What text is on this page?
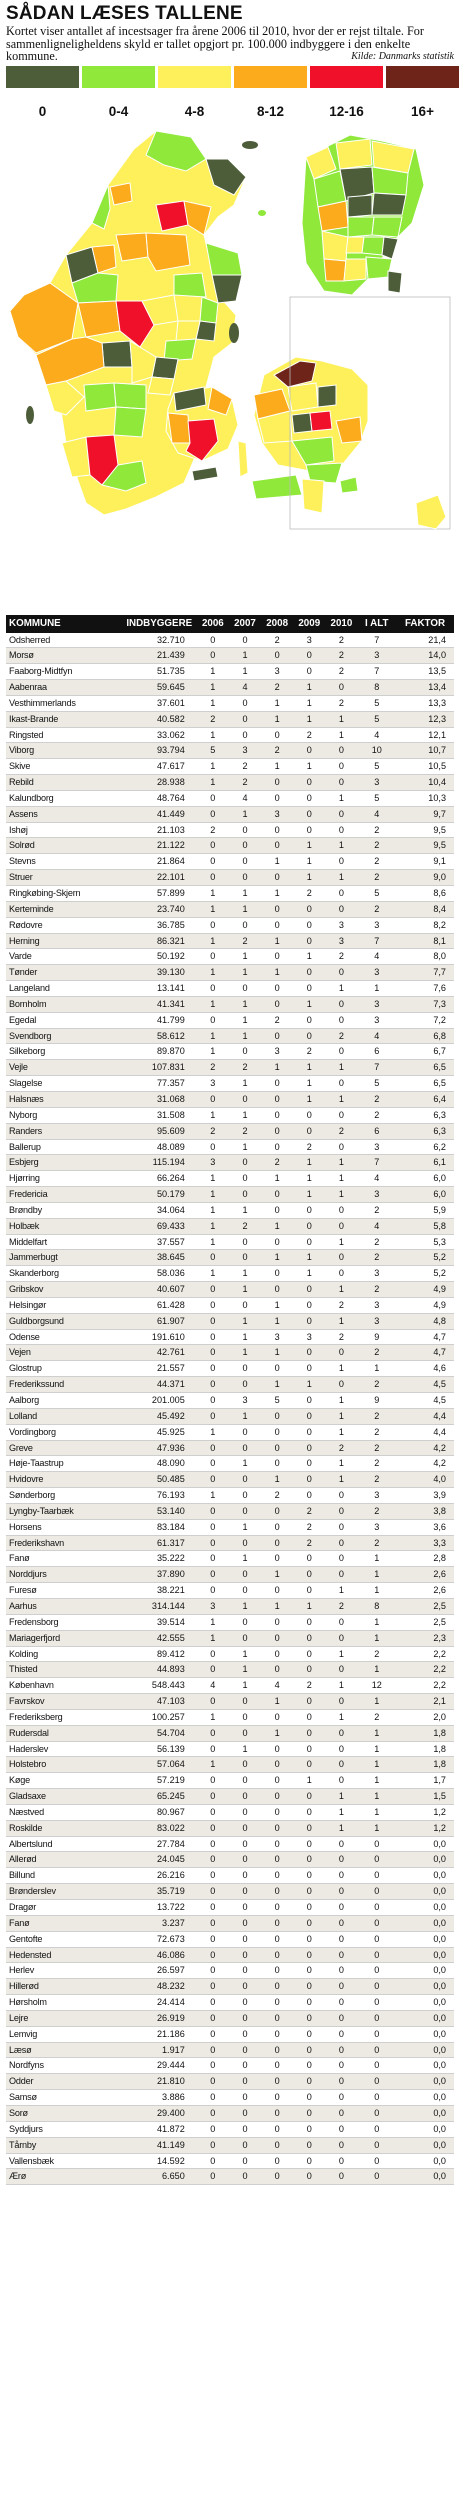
SÅDAN LÆSES TALLENE
Kortet viser antallet af incestsager fra årene 2006 til 2010, hvor der er rejst tiltale. For sammenligneligheldens skyld er tallet opgjort pr. 100.000 indbyggere i den enkelte kommune.	Kilde: Danmarks statistik
0	0-4	4-8	8-12	12-16	16+
KOMMUNE	INDBYGGERE	2006	2007	2008	2009	2010	I ALT	FAKTOR
Odsherred	32.710	0	0	2	3	2	7	21,4
Morsø	21.439	0	1	0	0	2	3	14,0
Faaborg-Midtfyn	51.735	1	1	3	0	2	7	13,5
Aabenraa	59.645	1	4	2	1	0	8	13,4
Vesthimmerlands	37.601	1	0	1	1	2	5	13,3
Ikast-Brande	40.582	2	0	1	1	1	5	12,3
Ringsted	33.062	1	0	0	2	1	4	12,1
Viborg	93.794	5	3	2	0	0	10	10,7
Skive	47.617	1	2	1	1	0	5	10,5
Rebild	28.938	1	2	0	0	0	3	10,4
Kalundborg	48.764	0	4	0	0	1	5	10,3
Assens	41.449	0	1	3	0	0	4	9,7
Ishøj	21.103	2	0	0	0	0	2	9,5
Solrød	21.122	0	0	0	1	1	2	9,5
Stevns	21.864	0	0	1	1	0	2	9,1
Struer	22.101	0	0	0	1	1	2	9,0
Ringkøbing-Skjern	57.899	1	1	1	2	0	5	8,6
Kerteminde	23.740	1	1	0	0	0	2	8,4
Rødovre	36.785	0	0	0	0	3	3	8,2
Herning	86.321	1	2	1	0	3	7	8,1
Varde	50.192	0	1	0	1	2	4	8,0
Tønder	39.130	1	1	1	0	0	3	7,7
Langeland	13.141	0	0	0	0	1	1	7,6
Bornholm	41.341	1	1	0	1	0	3	7,3
Egedal	41.799	0	1	2	0	0	3	7,2
Svendborg	58.612	1	1	0	0	2	4	6,8
Silkeborg	89.870	1	0	3	2	0	6	6,7
Vejle	107.831	2	2	1	1	1	7	6,5
Slagelse	77.357	3	1	0	1	0	5	6,5
Halsnæs	31.068	0	0	0	1	1	2	6,4
Nyborg	31.508	1	1	0	0	0	2	6,3
Randers	95.609	2	2	0	0	2	6	6,3
Ballerup	48.089	0	1	0	2	0	3	6,2
Esbjerg	115.194	3	0	2	1	1	7	6,1
Hjørring	66.264	1	0	1	1	1	4	6,0
Fredericia	50.179	1	0	0	1	1	3	6,0
Brøndby	34.064	1	1	0	0	0	2	5,9
Holbæk	69.433	1	2	1	0	0	4	5,8
Middelfart	37.557	1	0	0	0	1	2	5,3
Jammerbugt	38.645	0	0	1	1	0	2	5,2
Skanderborg	58.036	1	1	0	1	0	3	5,2
Gribskov	40.607	0	1	0	0	1	2	4,9
Helsingør	61.428	0	0	1	0	2	3	4,9
Guldborgsund	61.907	0	1	1	0	1	3	4,8
Odense	191.610	0	1	3	3	2	9	4,7
Vejen	42.761	0	1	1	0	0	2	4,7
Glostrup	21.557	0	0	0	0	1	1	4,6
Frederikssund	44.371	0	0	1	1	0	2	4,5
Aalborg	201.005	0	3	5	0	1	9	4,5
Lolland	45.492	0	1	0	0	1	2	4,4
Vordingborg	45.925	1	0	0	0	1	2	4,4
Greve	47.936	0	0	0	0	2	2	4,2
Høje-Taastrup	48.090	0	1	0	0	1	2	4,2
Hvidovre	50.485	0	0	1	0	1	2	4,0
Sønderborg	76.193	1	0	2	0	0	3	3,9
Lyngby-Taarbæk	53.140	0	0	0	2	0	2	3,8
Horsens	83.184	0	1	0	2	0	3	3,6
Frederikshavn	61.317	0	0	0	2	0	2	3,3
Fanø	35.222	0	1	0	0	0	1	2,8
Norddjurs	37.890	0	0	1	0	0	1	2,6
Furesø	38.221	0	0	0	0	1	1	2,6
Aarhus	314.144	3	1	1	1	2	8	2,5
Fredensborg	39.514	1	0	0	0	0	1	2,5
Mariagerfjord	42.555	1	0	0	0	0	1	2,3
Kolding	89.412	0	1	0	0	1	2	2,2
Thisted	44.893	0	1	0	0	0	1	2,2
København	548.443	4	1	4	2	1	12	2,2
Favrskov	47.103	0	0	1	0	0	1	2,1
Frederiksberg	100.257	1	0	0	0	1	2	2,0
Rudersdal	54.704	0	0	1	0	0	1	1,8
Haderslev	56.139	0	1	0	0	0	1	1,8
Holstebro	57.064	1	0	0	0	0	1	1,8
Køge	57.219	0	0	0	1	0	1	1,7
Gladsaxe	65.245	0	0	0	0	1	1	1,5
Næstved	80.967	0	0	0	0	1	1	1,2
Roskilde	83.022	0	0	0	0	1	1	1,2
Albertslund	27.784	0	0	0	0	0	0	0,0
Allerød	24.045	0	0	0	0	0	0	0,0
Billund	26.216	0	0	0	0	0	0	0,0
Brønderslev	35.719	0	0	0	0	0	0	0,0
Dragør	13.722	0	0	0	0	0	0	0,0
Fanø	3.237	0	0	0	0	0	0	0,0
Gentofte	72.673	0	0	0	0	0	0	0,0
Hedensted	46.086	0	0	0	0	0	0	0,0
Herlev	26.597	0	0	0	0	0	0	0,0
Hillerød	48.232	0	0	0	0	0	0	0,0
Hørsholm	24.414	0	0	0	0	0	0	0,0
Lejre	26.919	0	0	0	0	0	0	0,0
Lemvig	21.186	0	0	0	0	0	0	0,0
Læsø	1.917	0	0	0	0	0	0	0,0
Nordfyns	29.444	0	0	0	0	0	0	0,0
Odder	21.810	0	0	0	0	0	0	0,0
Samsø	3.886	0	0	0	0	0	0	0,0
Sorø	29.400	0	0	0	0	0	0	0,0
Syddjurs	41.872	0	0	0	0	0	0	0,0
Tårnby	41.149	0	0	0	0	0	0	0,0
Vallensbæk	14.592	0	0	0	0	0	0	0,0
Ærø	6.650	0	0	0	0	0	0	0,0
